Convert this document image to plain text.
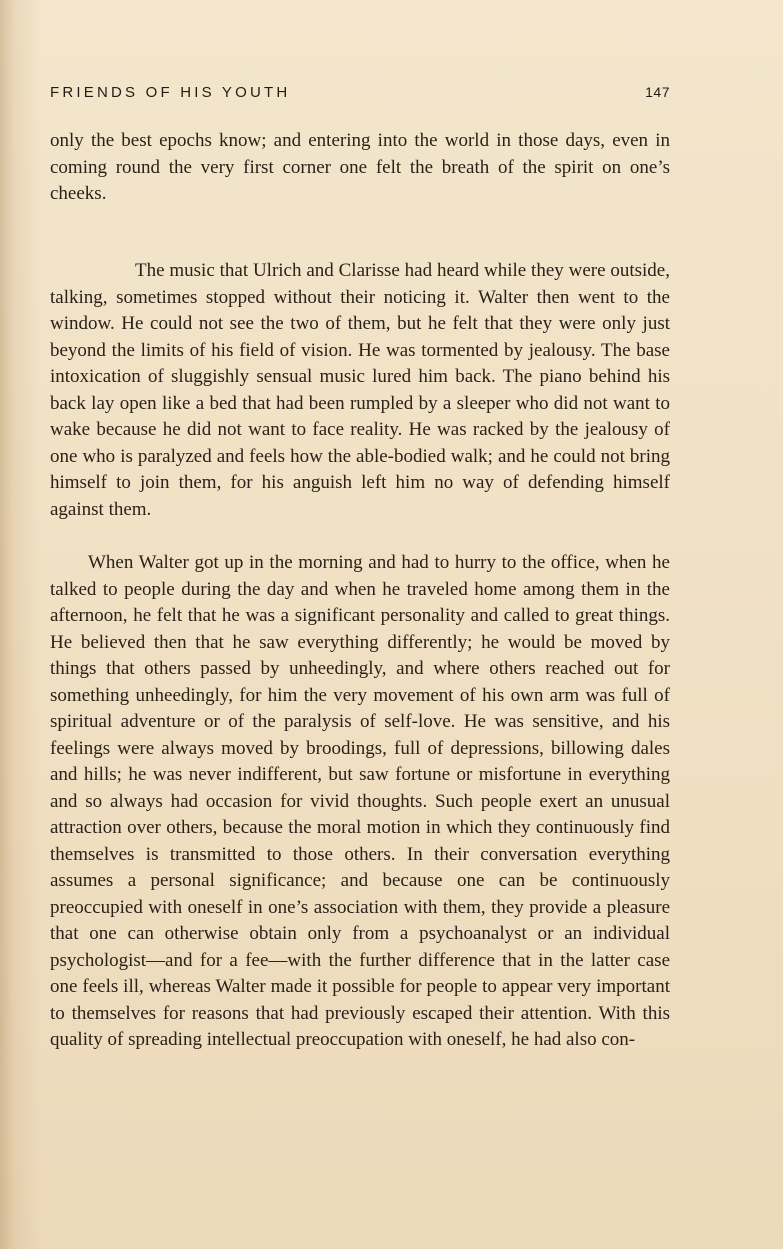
FRIENDS OF HIS YOUTH	147

only the best epochs know; and entering into the world in those days, even in coming round the very first corner one felt the breath of the spirit on one’s cheeks.

The music that Ulrich and Clarisse had heard while they were outside, talking, sometimes stopped without their noticing it. Walter then went to the window. He could not see the two of them, but he felt that they were only just beyond the limits of his field of vision. He was tormented by jealousy. The base intoxication of sluggishly sensual music lured him back. The piano behind his back lay open like a bed that had been rumpled by a sleeper who did not want to wake because he did not want to face reality. He was racked by the jealousy of one who is paralyzed and feels how the able-bodied walk; and he could not bring himself to join them, for his anguish left him no way of defending himself against them.

When Walter got up in the morning and had to hurry to the office, when he talked to people during the day and when he traveled home among them in the afternoon, he felt that he was a significant personality and called to great things. He believed then that he saw everything differently; he would be moved by things that others passed by unheedingly, and where others reached out for something unheedingly, for him the very movement of his own arm was full of spiritual adventure or of the paralysis of self-love. He was sensitive, and his feelings were always moved by broodings, full of depressions, billowing dales and hills; he was never indifferent, but saw fortune or misfortune in everything and so always had occasion for vivid thoughts. Such people exert an unusual attraction over others, because the moral motion in which they continuously find themselves is transmitted to those others. In their conversation everything assumes a personal significance; and because one can be continuously preoccupied with oneself in one’s association with them, they provide a pleasure that one can otherwise obtain only from a psychoanalyst or an individual psychologist—and for a fee—with the further difference that in the latter case one feels ill, whereas Walter made it possible for people to appear very important to themselves for reasons that had previously escaped their attention. With this quality of spreading intellectual preoccupation with oneself, he had also con-
